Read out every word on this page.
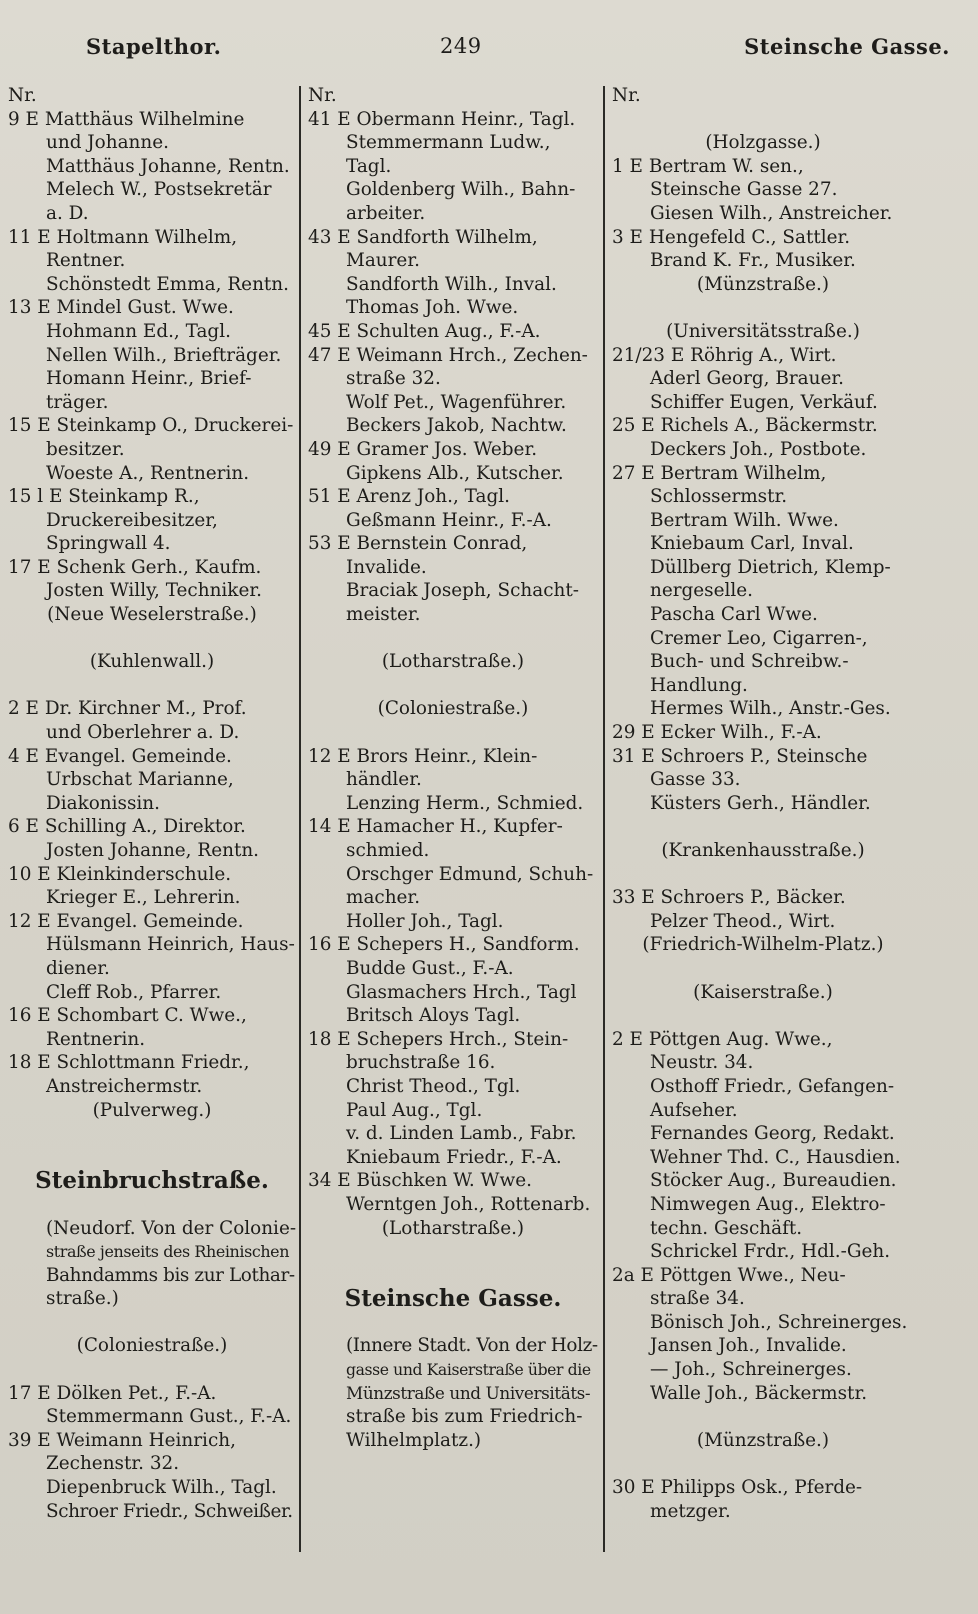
Stapelthor.	249	Steinsche Gasse.
Nr.
9 E Matthäus Wilhelmine
und Johanne.
Matthäus Johanne, Rentn.
Melech W., Postsekretär
a. D.
11 E Holtmann Wilhelm,
Rentner.
Schönstedt Emma, Rentn.
13 E Mindel Gust. Wwe.
Hohmann Ed., Tagl.
Nellen Wilh., Briefträger.
Homann Heinr., Brief-
träger.
15 E Steinkamp O., Druckerei-
besitzer.
Woeste A., Rentnerin.
15 l E Steinkamp R.,
Druckereibesitzer,
Springwall 4.
17 E Schenk Gerh., Kaufm.
Josten Willy, Techniker.
(Neue Weselerstraße.)
(Kuhlenwall.)
2 E Dr. Kirchner M., Prof.
und Oberlehrer a. D.
4 E Evangel. Gemeinde.
Urbschat Marianne,
Diakonissin.
6 E Schilling A., Direktor.
Josten Johanne, Rentn.
10 E Kleinkinderschule.
Krieger E., Lehrerin.
12 E Evangel. Gemeinde.
Hülsmann Heinrich, Haus-
diener.
Cleff Rob., Pfarrer.
16 E Schombart C. Wwe.,
Rentnerin.
18 E Schlottmann Friedr.,
Anstreichermstr.
(Pulverweg.)
Steinbruchstraße.
(Neudorf. Von der Colonie-
straße jenseits des Rheinischen
Bahndamms bis zur Lothar-
straße.)
(Coloniestraße.)
17 E Dölken Pet., F.-A.
Stemmermann Gust., F.-A.
39 E Weimann Heinrich,
Zechenstr. 32.
Diepenbruck Wilh., Tagl.
Schroer Friedr., Schweißer.
Nr.
41 E Obermann Heinr., Tagl.
Stemmermann Ludw.,
Tagl.
Goldenberg Wilh., Bahn-
arbeiter.
43 E Sandforth Wilhelm,
Maurer.
Sandforth Wilh., Inval.
Thomas Joh. Wwe.
45 E Schulten Aug., F.-A.
47 E Weimann Hrch., Zechen-
straße 32.
Wolf Pet., Wagenführer.
Beckers Jakob, Nachtw.
49 E Gramer Jos. Weber.
Gipkens Alb., Kutscher.
51 E Arenz Joh., Tagl.
Geßmann Heinr., F.-A.
53 E Bernstein Conrad,
Invalide.
Braciak Joseph, Schacht-
meister.
(Lotharstraße.)
(Coloniestraße.)
12 E Brors Heinr., Klein-
händler.
Lenzing Herm., Schmied.
14 E Hamacher H., Kupfer-
schmied.
Orschger Edmund, Schuh-
macher.
Holler Joh., Tagl.
16 E Schepers H., Sandform.
Budde Gust., F.-A.
Glasmachers Hrch., Tagl
Britsch Aloys Tagl.
18 E Schepers Hrch., Stein-
bruchstraße 16.
Christ Theod., Tgl.
Paul Aug., Tgl.
v. d. Linden Lamb., Fabr.
Kniebaum Friedr., F.-A.
34 E Büschken W. Wwe.
Werntgen Joh., Rottenarb.
(Lotharstraße.)
Steinsche Gasse.
(Innere Stadt. Von der Holz-
gasse und Kaiserstraße über die
Münzstraße und Universitäts-
straße bis zum Friedrich-
Wilhelmplatz.)
Nr.
(Holzgasse.)
1 E Bertram W. sen.,
Steinsche Gasse 27.
Giesen Wilh., Anstreicher.
3 E Hengefeld C., Sattler.
Brand K. Fr., Musiker.
(Münzstraße.)
(Universitätsstraße.)
21/23 E Röhrig A., Wirt.
Aderl Georg, Brauer.
Schiffer Eugen, Verkäuf.
25 E Richels A., Bäckermstr.
Deckers Joh., Postbote.
27 E Bertram Wilhelm,
Schlossermstr.
Bertram Wilh. Wwe.
Kniebaum Carl, Inval.
Düllberg Dietrich, Klemp-
nergeselle.
Pascha Carl Wwe.
Cremer Leo, Cigarren-,
Buch- und Schreibw.-
Handlung.
Hermes Wilh., Anstr.-Ges.
29 E Ecker Wilh., F.-A.
31 E Schroers P., Steinsche
Gasse 33.
Küsters Gerh., Händler.
(Krankenhausstraße.)
33 E Schroers P., Bäcker.
Pelzer Theod., Wirt.
(Friedrich-Wilhelm-Platz.)
(Kaiserstraße.)
2 E Pöttgen Aug. Wwe.,
Neustr. 34.
Osthoff Friedr., Gefangen-
Aufseher.
Fernandes Georg, Redakt.
Wehner Thd. C., Hausdien.
Stöcker Aug., Bureaudien.
Nimwegen Aug., Elektro-
techn. Geschäft.
Schrickel Frdr., Hdl.-Geh.
2a E Pöttgen Wwe., Neu-
straße 34.
Bönisch Joh., Schreinerges.
Jansen Joh., Invalide.
— Joh., Schreinerges.
Walle Joh., Bäckermstr.
(Münzstraße.)
30 E Philipps Osk., Pferde-
metzger.
